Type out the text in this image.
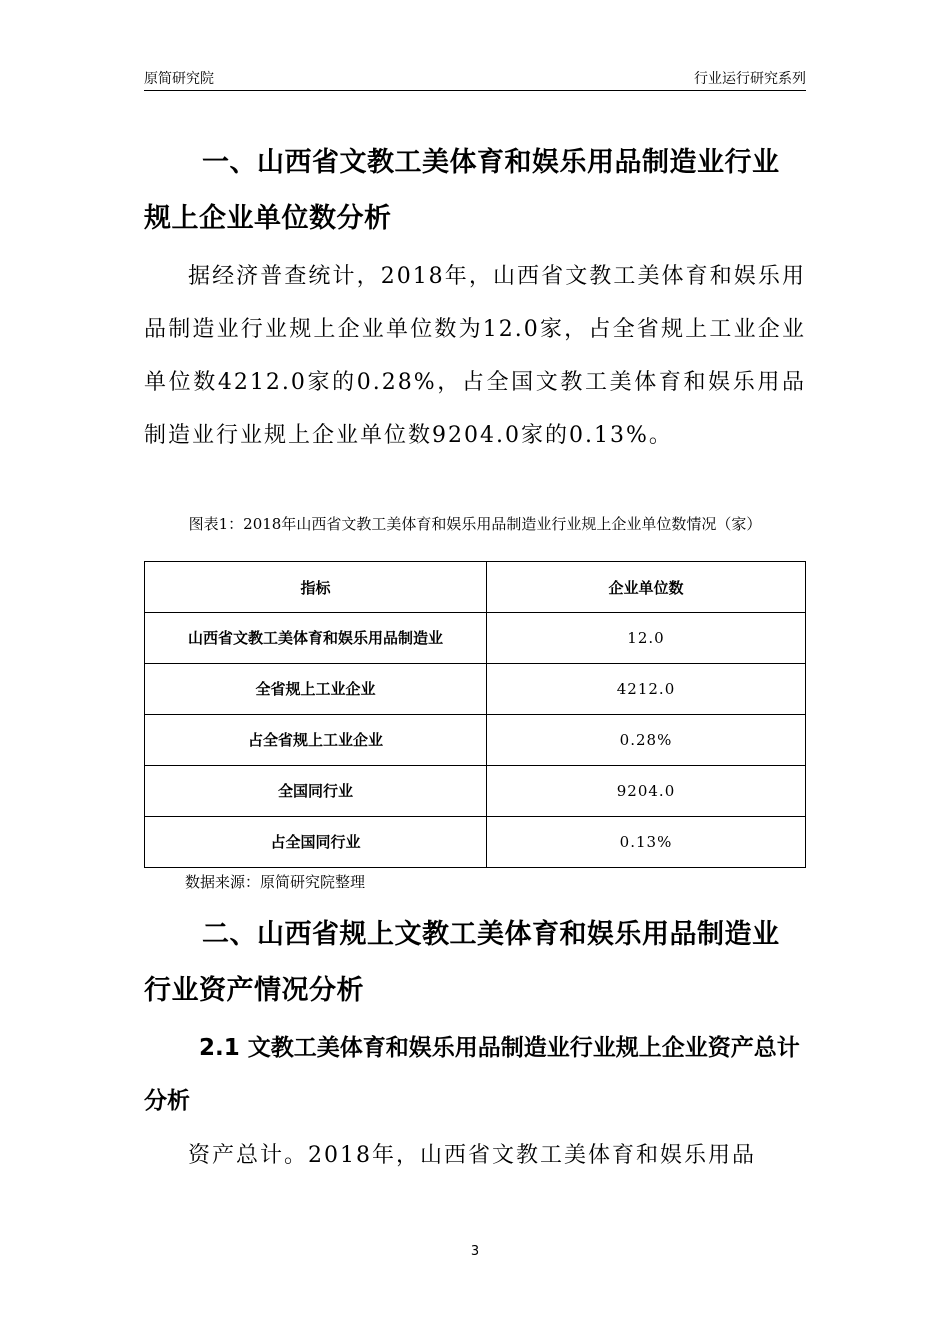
原简研究院	行业运行研究系列
一、山西省文教工美体育和娱乐用品制造业行业规上企业单位数分析

据经济普查统计，2018年，山西省文教工美体育和娱乐用品制造业行业规上企业单位数为12.0家，占全省规上工业企业单位数4212.0家的0.28%，占全国文教工美体育和娱乐用品制造业行业规上企业单位数9204.0家的0.13%。

图表1：2018年山西省文教工美体育和娱乐用品制造业行业规上企业单位数情况（家）

指标	企业单位数
山西省文教工美体育和娱乐用品制造业	12.0
全省规上工业企业	4212.0
占全省规上工业企业	0.28%
全国同行业	9204.0
占全国同行业	0.13%
数据来源：原简研究院整理
二、山西省规上文教工美体育和娱乐用品制造业行业资产情况分析
2.1 文教工美体育和娱乐用品制造业行业规上企业资产总计分析

资产总计。2018年，山西省文教工美体育和娱乐用品

3
